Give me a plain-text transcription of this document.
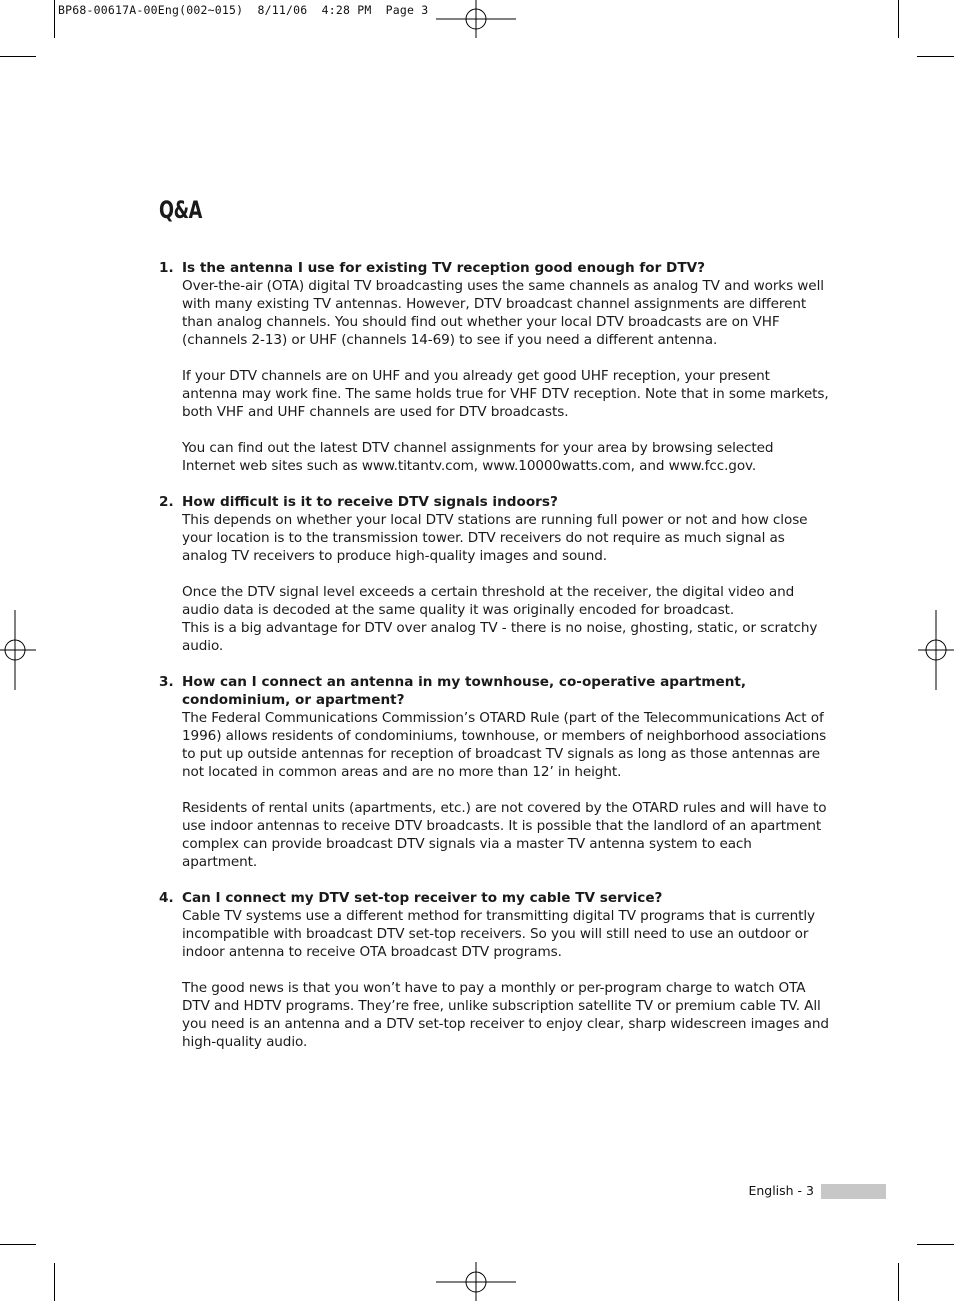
BP68-00617A-00Eng(002~015)  8/11/06  4:28 PM  Page 3
Q&A

1. Is the antenna I use for existing TV reception good enough for DTV?

Over-the-air (OTA) digital TV broadcasting uses the same channels as analog TV and works well with many existing TV antennas. However, DTV broadcast channel assignments are different than analog channels. You should find out whether your local DTV broadcasts are on VHF (channels 2-13) or UHF (channels 14-69) to see if you need a different antenna.

If your DTV channels are on UHF and you already get good UHF reception, your present antenna may work fine. The same holds true for VHF DTV reception. Note that in some markets, both VHF and UHF channels are used for DTV broadcasts.

You can find out the latest DTV channel assignments for your area by browsing selected Internet web sites such as www.titantv.com, www.10000watts.com, and www.fcc.gov.

2. How difficult is it to receive DTV signals indoors?

This depends on whether your local DTV stations are running full power or not and how close your location is to the transmission tower. DTV receivers do not require as much signal as analog TV receivers to produce high-quality images and sound.

Once the DTV signal level exceeds a certain threshold at the receiver, the digital video and audio data is decoded at the same quality it was originally encoded for broadcast.

This is a big advantage for DTV over analog TV - there is no noise, ghosting, static, or scratchy audio.

3. How can I connect an antenna in my townhouse, co-operative apartment, condominium, or apartment?

The Federal Communications Commission’s OTARD Rule (part of the Telecommunications Act of 1996) allows residents of condominiums, townhouse, or members of neighborhood associations to put up outside antennas for reception of broadcast TV signals as long as those antennas are not located in common areas and are no more than 12’ in height.

Residents of rental units (apartments, etc.) are not covered by the OTARD rules and will have to use indoor antennas to receive DTV broadcasts. It is possible that the landlord of an apartment complex can provide broadcast DTV signals via a master TV antenna system to each apartment.

4. Can I connect my DTV set-top receiver to my cable TV service?

Cable TV systems use a different method for transmitting digital TV programs that is currently incompatible with broadcast DTV set-top receivers. So you will still need to use an outdoor or indoor antenna to receive OTA broadcast DTV programs.

The good news is that you won’t have to pay a monthly or per-program charge to watch OTA DTV and HDTV programs. They’re free, unlike subscription satellite TV or premium cable TV. All you need is an antenna and a DTV set-top receiver to enjoy clear, sharp widescreen images and high-quality audio.

English - 3
